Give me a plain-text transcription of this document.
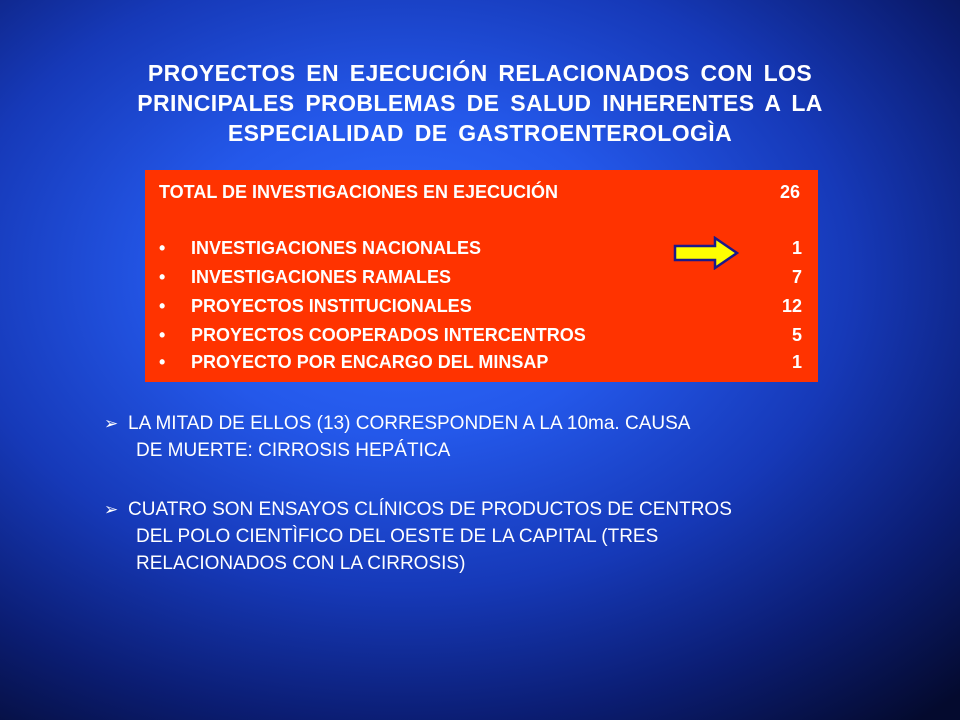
PROYECTOS EN EJECUCIÓN RELACIONADOS CON LOS
PRINCIPALES PROBLEMAS DE SALUD INHERENTES A LA
ESPECIALIDAD DE GASTROENTEROLOGÌA
TOTAL DE INVESTIGACIONES EN EJECUCIÓN	26
• INVESTIGACIONES NACIONALES	1
• INVESTIGACIONES RAMALES	7
• PROYECTOS INSTITUCIONALES	12
• PROYECTOS COOPERADOS INTERCENTROS	5
• PROYECTO POR ENCARGO DEL MINSAP	1
➢ LA MITAD DE ELLOS (13) CORRESPONDEN A LA 10ma. CAUSA
DE MUERTE: CIRROSIS HEPÁTICA
➢ CUATRO SON ENSAYOS CLÍNICOS DE PRODUCTOS DE CENTROS
DEL POLO CIENTÌFICO DEL OESTE DE LA CAPITAL (TRES
RELACIONADOS CON LA CIRROSIS)
